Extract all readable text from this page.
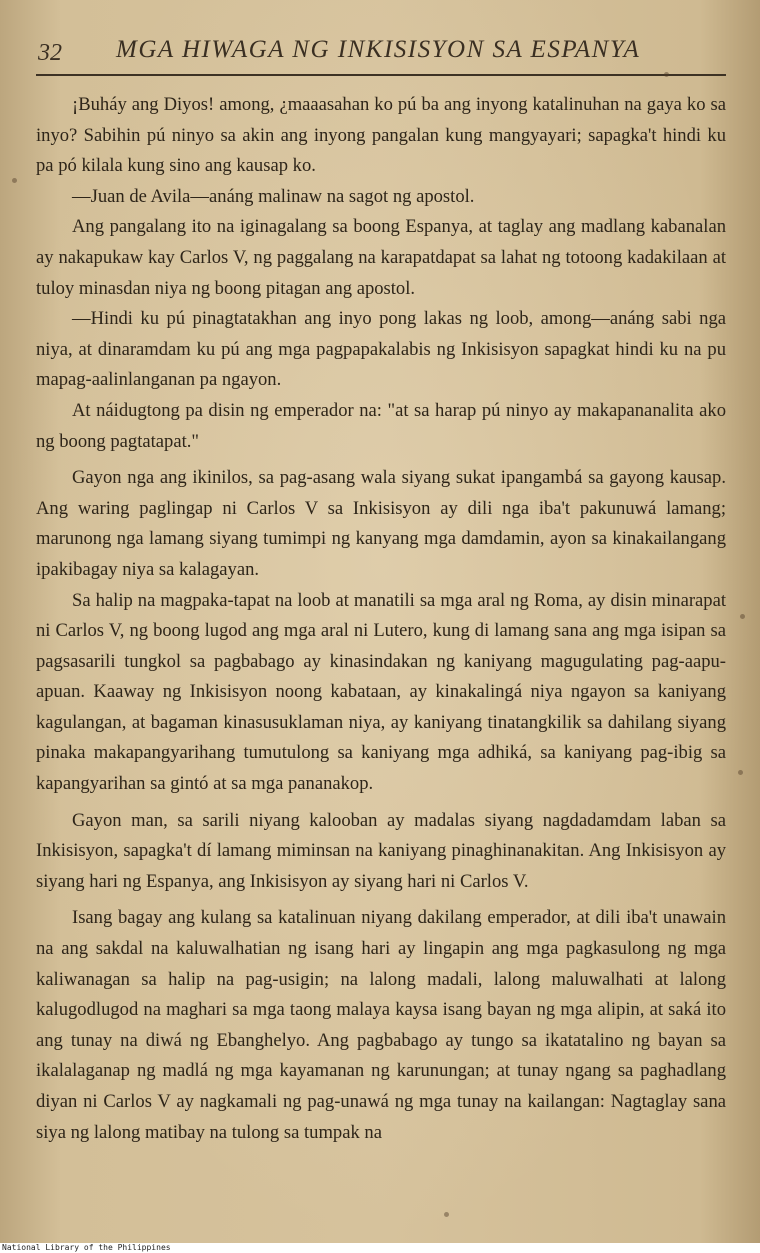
32 MGA HIWAGA NG INKISISYON SA ESPANYA

¡Buháy ang Diyos! among, ¿maaasahan ko pú ba ang inyong katalinuhan na gaya ko sa inyo? Sabihin pú ninyo sa akin ang inyong pangalan kung mangyayari; sapagka't hindi ku pa pó kilala kung sino ang kausap ko.

—Juan de Avila—anáng malinaw na sagot ng apostol.

Ang pangalang ito na iginagalang sa boong Espanya, at taglay ang madlang kabanalan ay nakapukaw kay Carlos V, ng paggalang na karapatdapat sa lahat ng totoong kadakilaan at tuloy minasdan niya ng boong pitagan ang apostol.

—Hindi ku pú pinagtatakhan ang inyo pong lakas ng loob, among—anáng sabi nga niya, at dinaramdam ku pú ang mga pagpapakalabis ng Inkisisyon sapagkat hindi ku na pu mapag-aalinlanganan pa ngayon.

At náidugtong pa disin ng emperador na: "at sa harap pú ninyo ay makapananalita ako ng boong pagtatapat."

Gayon nga ang ikinilos, sa pag-asang wala siyang sukat ipangambá sa gayong kausap. Ang waring paglingap ni Carlos V sa Inkisisyon ay dili nga iba't pakunuwá lamang; marunong nga lamang siyang tumimpi ng kanyang mga damdamin, ayon sa kinakailangang ipakibagay niya sa kalagayan.

Sa halip na magpaka-tapat na loob at manatili sa mga aral ng Roma, ay disin minarapat ni Carlos V, ng boong lugod ang mga aral ni Lutero, kung di lamang sana ang mga isipan sa pagsasarili tungkol sa pagbabago ay kinasindakan ng kaniyang magugulating pag-aapu-apuan. Kaaway ng Inkisisyon noong kabataan, ay kinakalingá niya ngayon sa kaniyang kagulangan, at bagaman kinasusuklaman niya, ay kaniyang tinatangkilik sa dahilang siyang pinaka makapangyarihang tumutulong sa kaniyang mga adhiká, sa kaniyang pag-ibig sa kapangyarihan sa gintó at sa mga pananakop.

Gayon man, sa sarili niyang kalooban ay madalas siyang nagdadamdam laban sa Inkisisyon, sapagka't dí lamang miminsan na kaniyang pinaghinanakitan. Ang Inkisisyon ay siyang hari ng Espanya, ang Inkisisyon ay siyang hari ni Carlos V.

Isang bagay ang kulang sa katalinuan niyang dakilang emperador, at dili iba't unawain na ang sakdal na kaluwalhatian ng isang hari ay lingapin ang mga pagkasulong ng mga kaliwanagan sa halip na pag-usigin; na lalong madali, lalong maluwalhati at lalong kalugodlugod na maghari sa mga taong malaya kaysa isang bayan ng mga alipin, at saká ito ang tunay na diwá ng Ebanghelyo. Ang pagbabago ay tungo sa ikatatalino ng bayan sa ikalalaganap ng madlá ng mga kayamanan ng karunungan; at tunay ngang sa paghadlang diyan ni Carlos V ay nagkamali ng pag-unawá ng mga tunay na kailangan: Nagtaglay sana siya ng lalong matibay na tulong sa tumpak na

National Library of the Philippines
